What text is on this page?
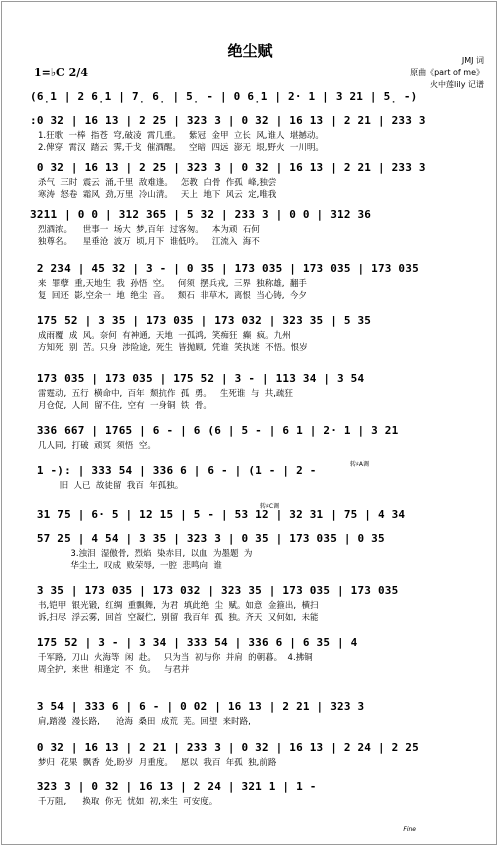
绝尘赋
JMJ 词
原曲《part of me》
火中莲lily 记谱
1=♭C 2/4
(6̣1 | 2 6̣1 | 7̣ 6̣ | 5̣ - | 0 6̣1 | 2· 1 | 3 21 | 5̣ -)
:0 32 | 16 13 | 2 25 | 323 3 | 0 32 | 16 13 | 2 21 | 233 3
1.狂歌  一棒  指苍  穹,破凌  霄几重。   紫冠  金甲  立长  风,谁人  堪撼动。
2.俾穿  霄汉  踏云  霁,千戈  催酒醒。   空暗  四远  澎无  垠,野火  一川明。
0 32 | 16 13 | 2 25 | 323 3 | 0 32 | 16 13 | 2 21 | 233 3
杀气  三时  震云  涌,千里  敌难逢。   怎教  白骨  作孤  峰,独尝
寒涛  怒卷  霜风  劲,万里  冷山清。   天上  地下  风云  定,唯我
3211 | 0 0 | 312 365 | 5 32 | 233 3 | 0 0 | 312 36
烈酒浓。    世事一  场大  梦,百年  过客匆。   本为顽  石何
独尊名。    星垂沧  波万  顷,月下  谁低吟。   江流入  海不
2 234 | 45 32 | 3 - | 0 35 | 173 035 | 173 035 | 173 035
来  罪孽  重,天地生  我  孙悟  空。   何须  摆兵戎,  三界  独称雄,  翻手
复  回还  影,空余一  地  绝尘  音。   颓石  非草木,  离恨  当心铸,  今夕
175 52 | 3 35 | 173 035 | 173 032 | 323 35 | 5 35
成雨覆  成  风。奈何  有神通,  天地  一孤鸿,  笑痴狂  癫  疯。九州
方知死  别  苦。只身  涉险途,  死生  皆抛顾,  凭谁  笑执迷  不悟。恨岁
173 035 | 173 035 | 175 52 | 3 - | 113 34 | 3 54
雷霆动,  五行  横命中,  百年  颓抗作  孤  勇。   生死谁  与  共,疏狂
月仓促,  人间  留不住,  空有  一身铜  铁  骨。
336 667 | 1765 | 6 - | 6 (6 | 5 - | 6 1 | 2· 1 | 3 21
几人同,  打破  顽冥  须悟  空。
1 -): | 333 54 | 336 6 | 6 - | (1 - | 2 -
旧  人已  故徒留  我百  年孤独。
31 75 | 6· 5 | 12 15 | 5 - | 53 12 | 32 31 | 75 | 4 34
57 25 | 4 54 | 3 35 | 323 3 | 0 35 | 173 035 | 0 35
3.浊泪  湿傲骨,  烈焰  染赤目,  以血  为墨题  为
华尘土,  叹成  败荣辱,  一腔  悲鸣向  谁
3 35 | 173 035 | 173 032 | 323 35 | 173 035 | 173 035
书,铠甲  银光锻,  红绸  重飘舞,  为君  填此绝  尘  赋。如意  金箍出,  横扫
诉,扫尽  浮云雾,  回首  空凝伫,  别留  我百年  孤  独。齐天  又何如,  未能
175 52 | 3 - | 3 34 | 333 54 | 336 6 | 6 35 | 4
千军路,  刀山  火海等  闲  赴。   只为当  初与你  并肩  的朝暮。  4.拂铜
周全护,  来世  相逢定  不  负。   与君并
3 54 | 333 6 | 6 - | 0 02 | 16 13 | 2 21 | 323 3
肩,踏漫  漫长路,      沧海  桑田  成荒  芜。回望  来时路,
0 32 | 16 13 | 2 21 | 233 3 | 0 32 | 16 13 | 2 24 | 2 25
梦归  花果  飘香  处,盼岁  月重度。   愿以  我百  年孤  独,前路
323 3 | 0 32 | 16 13 | 2 24 | 321 1 | 1 -
千万阻,      换取  你无  忧如  初,来生  可安度。
转♯A调
转♯C调
Fine
